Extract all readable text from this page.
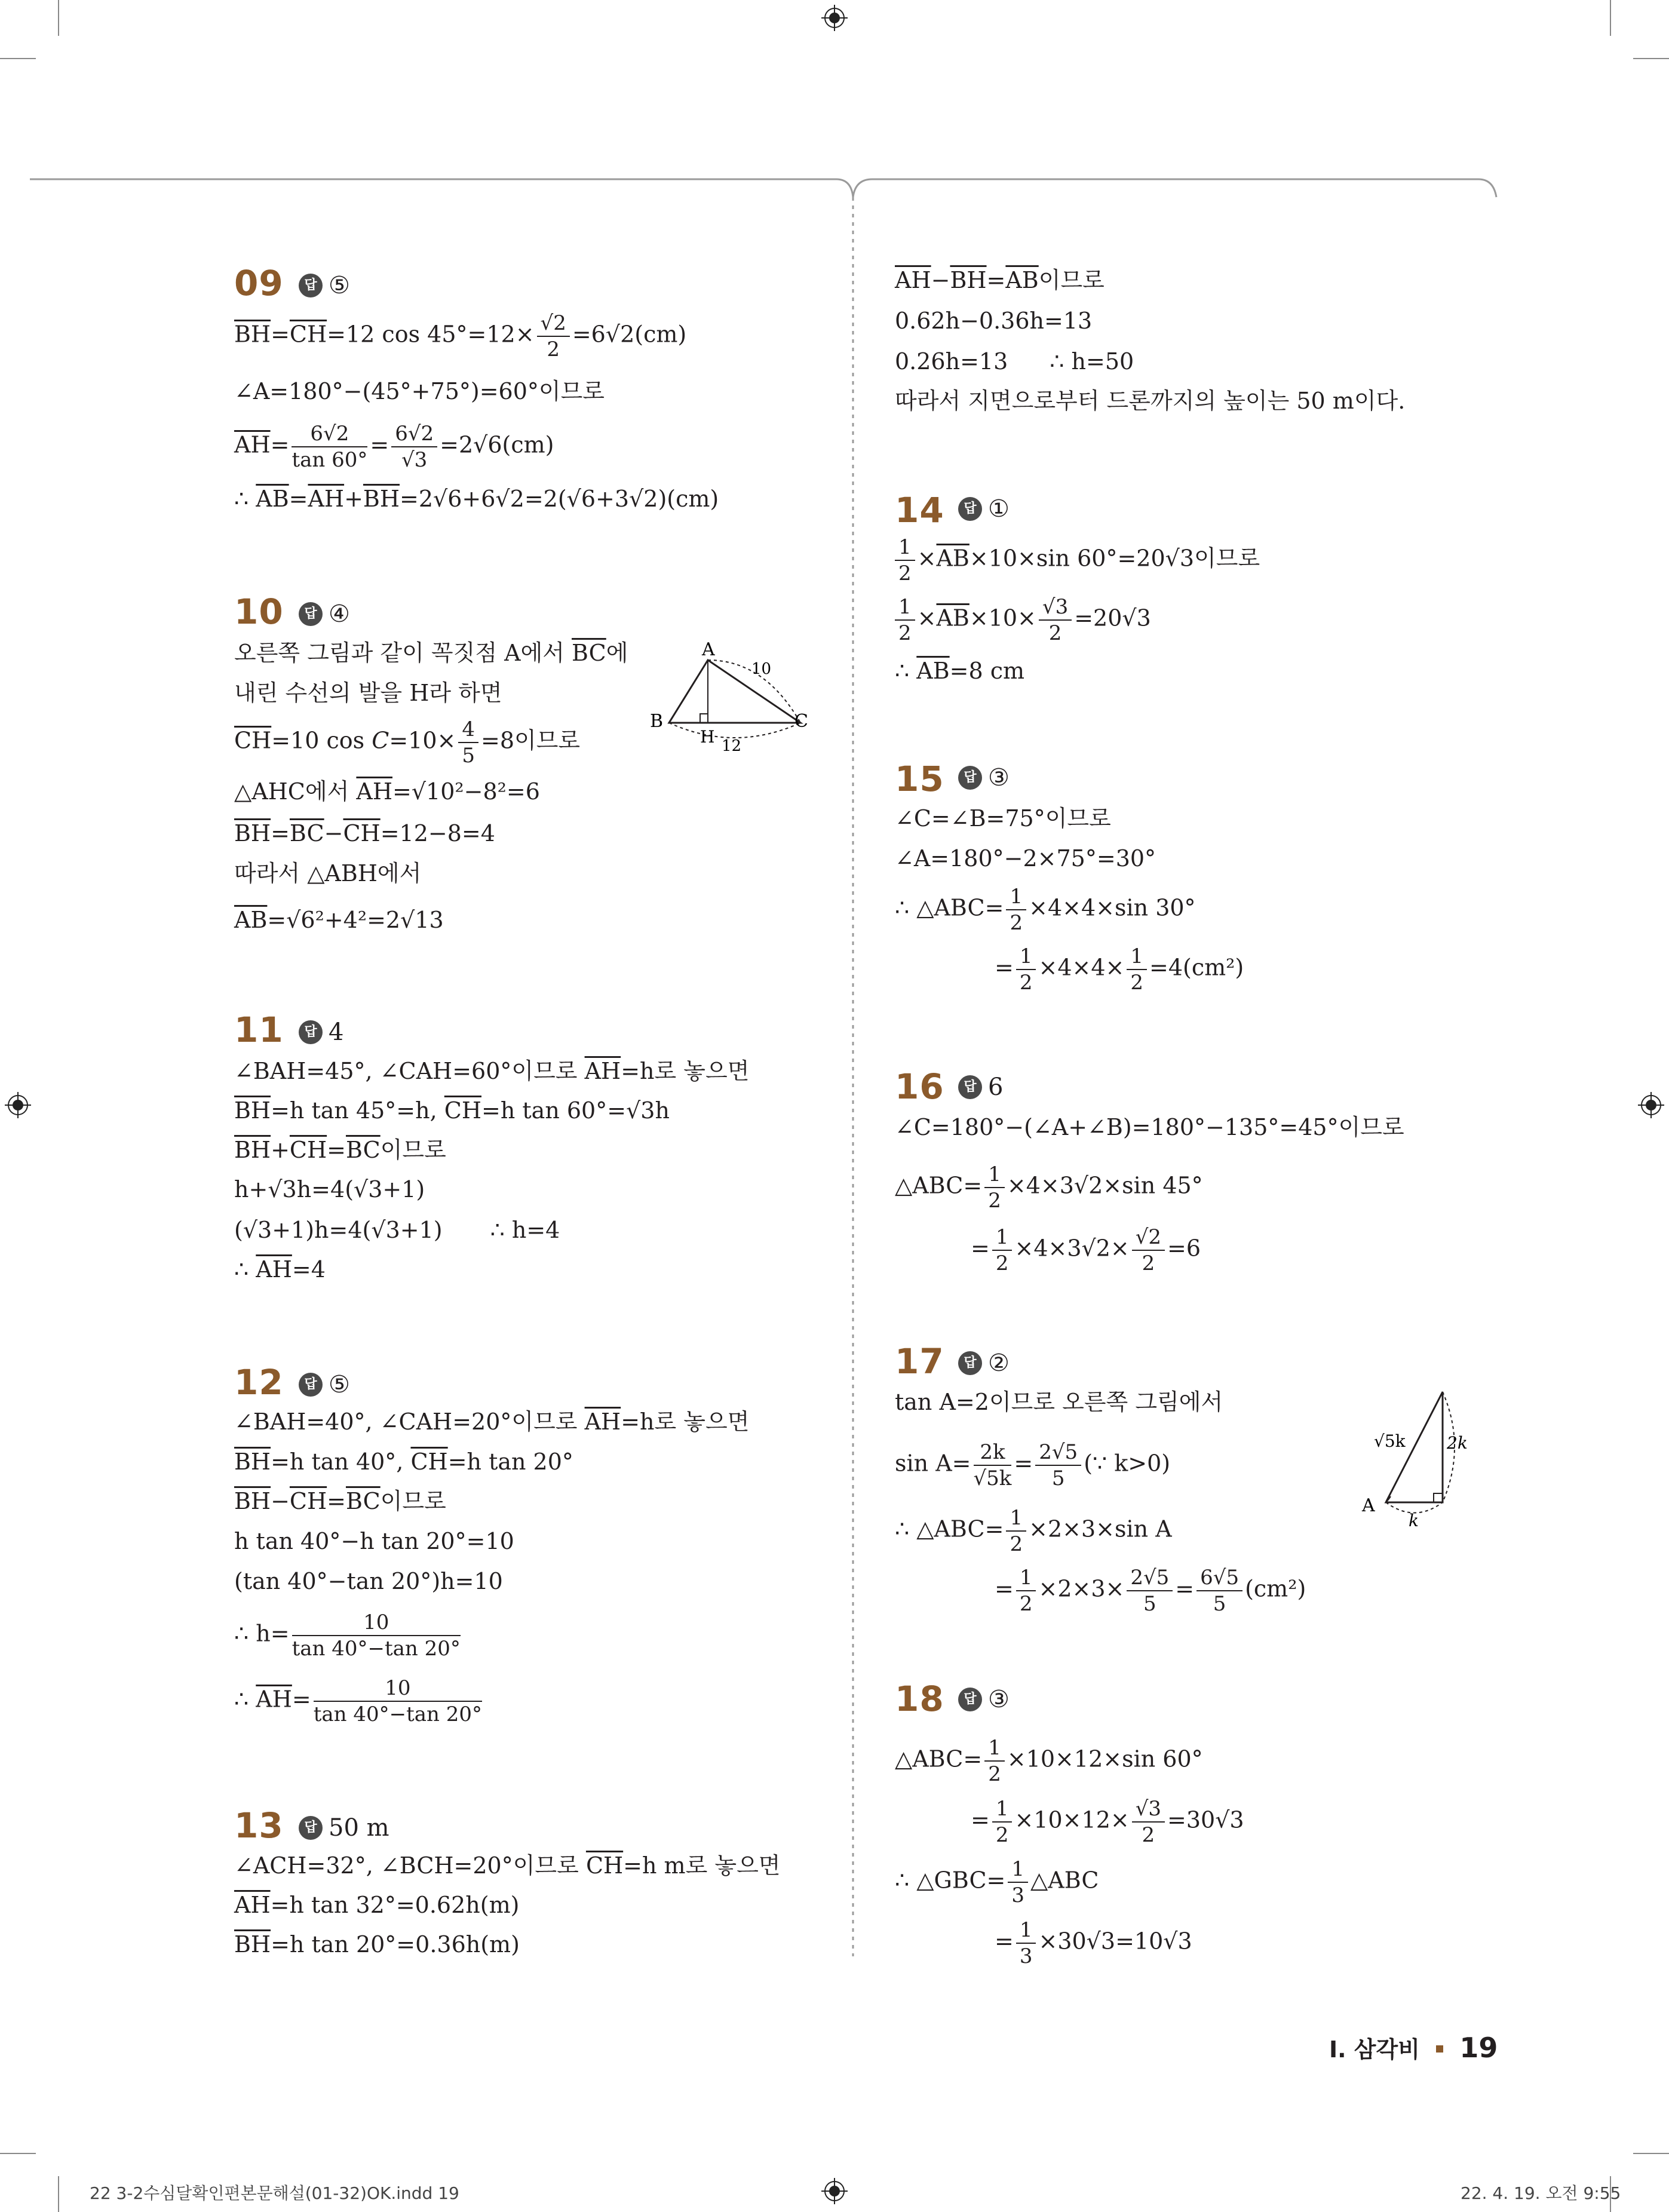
09	답 ⑤
$\overline{BH}=\overline{CH}=12$ $\cos 45^\circ=12\times \frac{√2}{2} =6√2(cm)$
∠A=180°−(45°+75°)=60°이므로
$\overline{AH}= \frac{6√2}{\tan 60^\circ} = \frac{6√2}{√3} =2√6(cm)$
∴ $\overline{AB}=\overline{AH}+\overline{BH}=2√6+6√2=2(√6+3√2)(cm)$
10	답 ④
오른쪽 그림과 같이 꼭짓점 A에서 $\overline{BC}$에
내린 수선의 발을 H라 하면
$\overline{CH}=10$ $\cos C=10\times \frac{4}{5} =8$이므로
△AHC에서 $\overline{AH}=√10^2-8^2=6$
$\overline{BH}=\overline{BC}-\overline{CH}=12-8=4$
따라서 △ABH에서
$\overline{AB}=√6^2+4^2=2√13$
A
B	C
H
10
12
11	답 4
∠BAH=45°, ∠CAH=60°이므로 $\overline{AH}=h$로 놓으면
$\overline{BH}=h$ tan 45°=h, $\overline{CH}=h$ tan 60°=√3h
$\overline{BH}+\overline{CH}=\overline{BC}$이므로
h+√3h=4(√3+1)
(√3+1)h=4(√3+1) ∴ h=4
∴ $\overline{AH}=4$
12	답 ⑤
∠BAH=40°, ∠CAH=20°이므로 $\overline{AH}=h$로 놓으면
$\overline{BH}=h$ tan 40°, $\overline{CH}=h$ tan 20°
$\overline{BH}-\overline{CH}=\overline{BC}$이므로
h tan 40°−h tan 20°=10
(tan 40°−tan 20°)h=10
∴ $h= \frac{10}{\tan 40^\circ-\tan 20^\circ}$
∴ $\overline{AH}= \frac{10}{\tan 40^\circ-\tan 20^\circ}$
13	답 50 m
∠ACH=32°, ∠BCH=20°이므로 $\overline{CH}=h$ m로 놓으면
$\overline{AH}=h$ tan 32°=0.62h(m)
$\overline{BH}=h$ tan 20°=0.36h(m)
$\overline{AH}-\overline{BH}=\overline{AB}$이므로
0.62h−0.36h=13
0.26h=13 ∴ h=50
따라서 지면으로부터 드론까지의 높이는 50 m이다.
14	답 ①
$\frac{1}{2} \times\overline{AB}\times 10\times\sin$ 60°=20√3이므로
$\frac{1}{2} \times\overline{AB}\times 10\times \frac{√3}{2} =20√3$
∴ $\overline{AB}=8$ cm
15	답 ③
∠C=∠B=75°이므로
∠A=180°−2×75°=30°
∴ △ABC= $\frac{1}{2} \times 4\times 4\times\sin$ 30°
= $\frac{1}{2} \times 4\times 4\times \frac{1}{2} =4(cm^2)$
16	답 6
∠C=180°−(∠A+∠B)=180°−135°=45°이므로
△ABC= $\frac{1}{2} \times 4\times 3√2\times\sin$ 45°
= $\frac{1}{2} \times 4\times 3√2\times \frac{√2}{2} =6$
17	답 ②
tan A=2이므로 오른쪽 그림에서
$\sin A= \frac{2k}{√5k} = \frac{2√5}{5}$ (∵ k>0)
∴ △ABC= $\frac{1}{2} \times 2\times 3\times\sin$ A
= $\frac{1}{2} \times 2\times 3\times \frac{2√5}{5} = \frac{6√5}{5} (cm^2)$
A
√5k 2k
k
18	답 ③
△ABC= $\frac{1}{2} \times 10\times 12\times\sin$ 60°
= $\frac{1}{2} \times 10\times 12\times \frac{√3}{2} =30√3$
∴ △GBC= $\frac{1}{3}$ △ABC
= $\frac{1}{3} \times 30√3=10√3$
I. 삼각비 19
22 3-2수심달확인편본문해설(01-32)OK.indd 19	22. 4. 19. 오전 9:55
